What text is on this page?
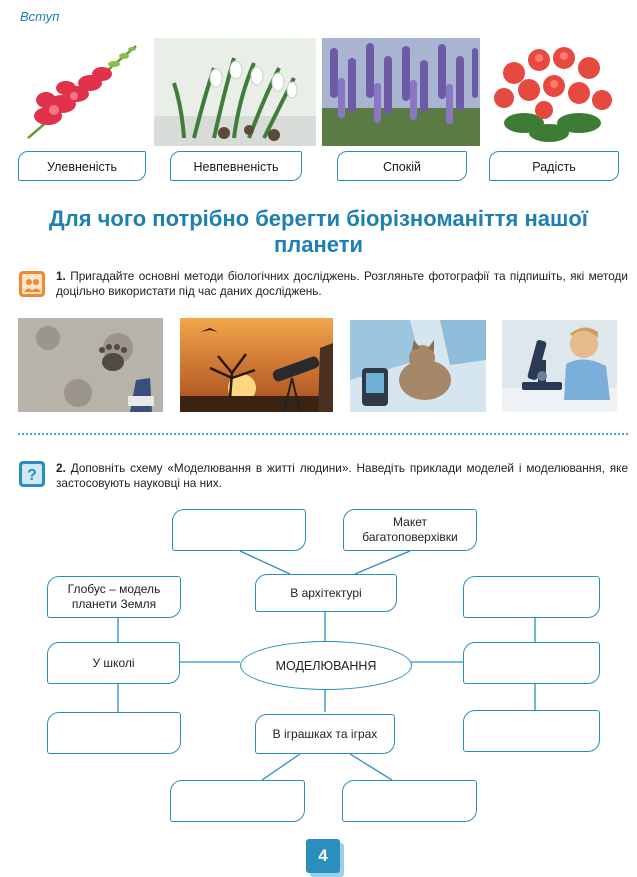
Вступ
Улевненість	Невпевненість	Спокій	Радість
Для чого потрібно берегти біорізноманіття нашої планети
1. Пригадайте основні методи біологічних досліджень. Розгляньте фотографії та підпишіть, які методи доцільно використати під час даних досліджень.
? 2. Доповніть схему «Моделювання в житті людини». Наведіть приклади моделей і моделювання, яке застосовують науковці на них.
Макет багатоповерхівки
В архітектурі
Глобус – модель планети Земля
МОДЕЛЮВАННЯ
У школі
В іграшках та іграх
4
